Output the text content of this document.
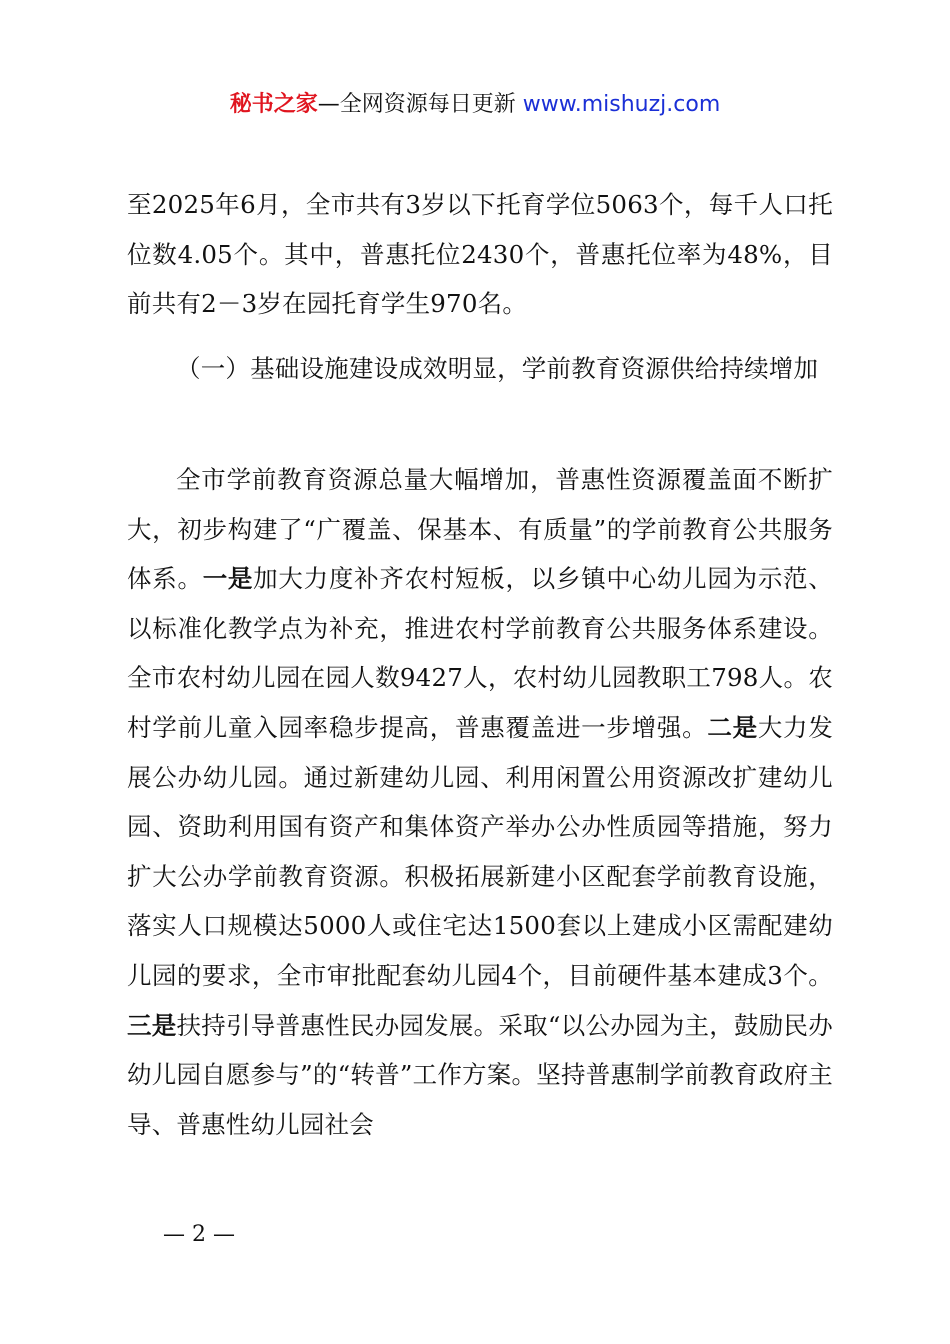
秘书之家—全网资源每日更新 www.mishuzj.com

至2025年6月，全市共有3岁以下托育学位5063个，每千人口托位数4.05个。其中，普惠托位2430个，普惠托位率为48%，目前共有2－3岁在园托育学生970名。

（一）基础设施建设成效明显，学前教育资源供给持续增加

全市学前教育资源总量大幅增加，普惠性资源覆盖面不断扩大，初步构建了“广覆盖、保基本、有质量”的学前教育公共服务体系。一是加大力度补齐农村短板，以乡镇中心幼儿园为示范、以标准化教学点为补充，推进农村学前教育公共服务体系建设。全市农村幼儿园在园人数9427人，农村幼儿园教职工798人。农村学前儿童入园率稳步提高，普惠覆盖进一步增强。二是大力发展公办幼儿园。通过新建幼儿园、利用闲置公用资源改扩建幼儿园、资助利用国有资产和集体资产举办公办性质园等措施，努力扩大公办学前教育资源。积极拓展新建小区配套学前教育设施，落实人口规模达5000人或住宅达1500套以上建成小区需配建幼儿园的要求，全市审批配套幼儿园4个，目前硬件基本建成3个。三是扶持引导普惠性民办园发展。采取“以公办园为主，鼓励民办幼儿园自愿参与”的“转普”工作方案。坚持普惠制学前教育政府主导、普惠性幼儿园社会

— 2 —
